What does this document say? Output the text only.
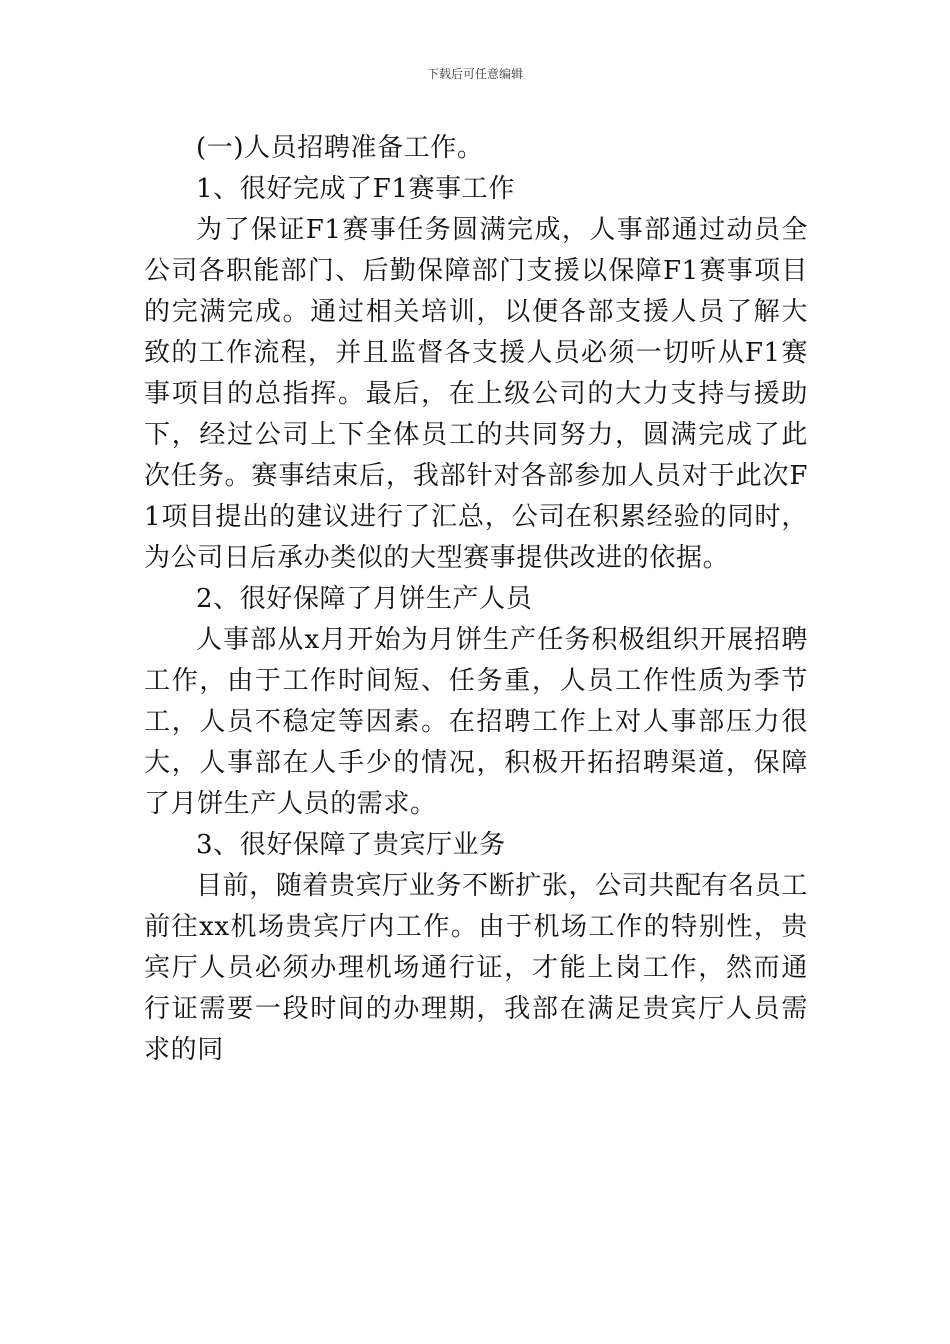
下载后可任意编辑

(一)人员招聘准备工作。

1、很好完成了F1赛事工作

为了保证F1赛事任务圆满完成，人事部通过动员全公司各职能部门、后勤保障部门支援以保障F1赛事项目的完满完成。通过相关培训，以便各部支援人员了解大致的工作流程，并且监督各支援人员必须一切听从F1赛事项目的总指挥。最后，在上级公司的大力支持与援助下，经过公司上下全体员工的共同努力，圆满完成了此次任务。赛事结束后，我部针对各部参加人员对于此次F1项目提出的建议进行了汇总，公司在积累经验的同时，为公司日后承办类似的大型赛事提供改进的依据。

2、很好保障了月饼生产人员

人事部从x月开始为月饼生产任务积极组织开展招聘工作，由于工作时间短、任务重，人员工作性质为季节工，人员不稳定等因素。在招聘工作上对人事部压力很大，人事部在人手少的情况，积极开拓招聘渠道，保障了月饼生产人员的需求。

3、很好保障了贵宾厅业务

目前，随着贵宾厅业务不断扩张，公司共配有名员工前往xx机场贵宾厅内工作。由于机场工作的特别性，贵宾厅人员必须办理机场通行证，才能上岗工作，然而通行证需要一段时间的办理期，我部在满足贵宾厅人员需求的同
